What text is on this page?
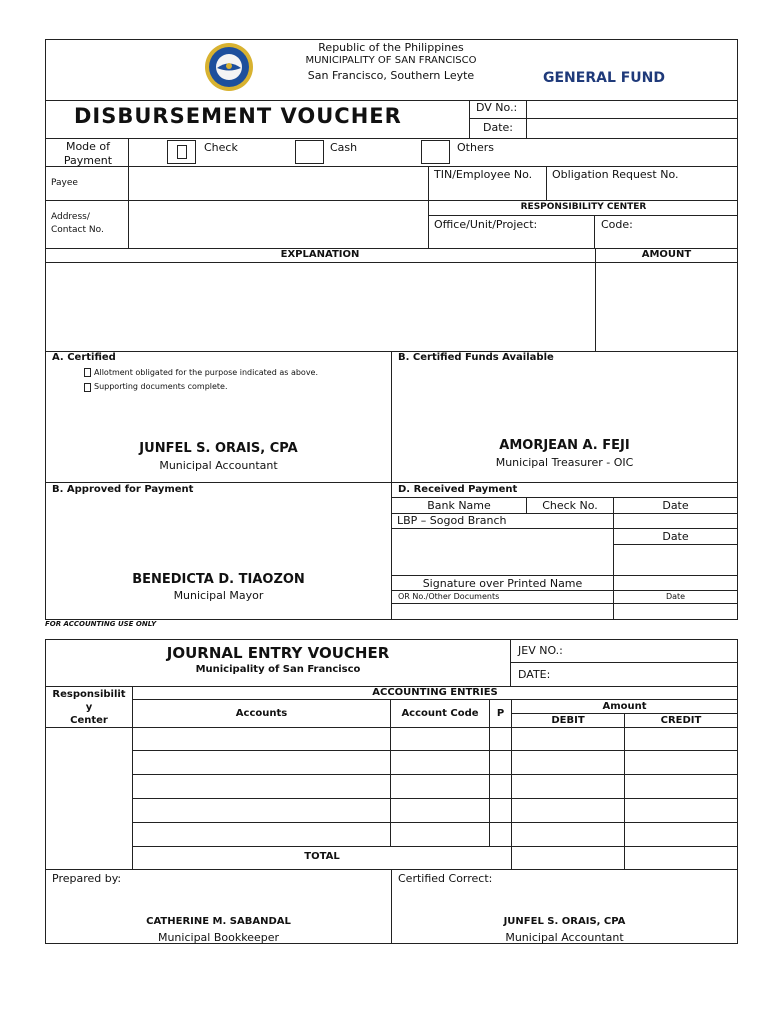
Republic of the Philippines
MUNICIPALITY OF SAN FRANCISCO
San Francisco, Southern Leyte	GENERAL FUND
DISBURSEMENT VOUCHER	DV No.:
Date:
Mode of Payment
Check	Cash	Others
Payee
TIN/Employee No. Obligation Request No.
Address/ Contact No.
RESPONSIBILITY CENTER
Office/Unit/Project:	Code:
EXPLANATION	AMOUNT
A. Certified
Allotment obligated for the purpose indicated as above.
Supporting documents complete.
JUNFEL S. ORAIS, CPA
Municipal Accountant
B. Certified Funds Available
AMORJEAN A. FEJI
Municipal Treasurer - OIC
B. Approved for Payment
BENEDICTA D. TIAOZON
Municipal Mayor
D. Received Payment
Bank Name	Check No.	Date
LBP – Sogod Branch
Date
Signature over Printed Name
OR No./Other Documents	Date
FOR ACCOUNTING USE ONLY
JOURNAL ENTRY VOUCHER
Municipality of San Francisco
JEV NO.:
DATE:
Responsibilit
y
Center
ACCOUNTING ENTRIES
Accounts	Account Code	P
Amount
DEBIT	CREDIT
TOTAL
Prepared by:
CATHERINE M. SABANDAL
Municipal Bookkeeper
Certified Correct:
JUNFEL S. ORAIS, CPA
Municipal Accountant
